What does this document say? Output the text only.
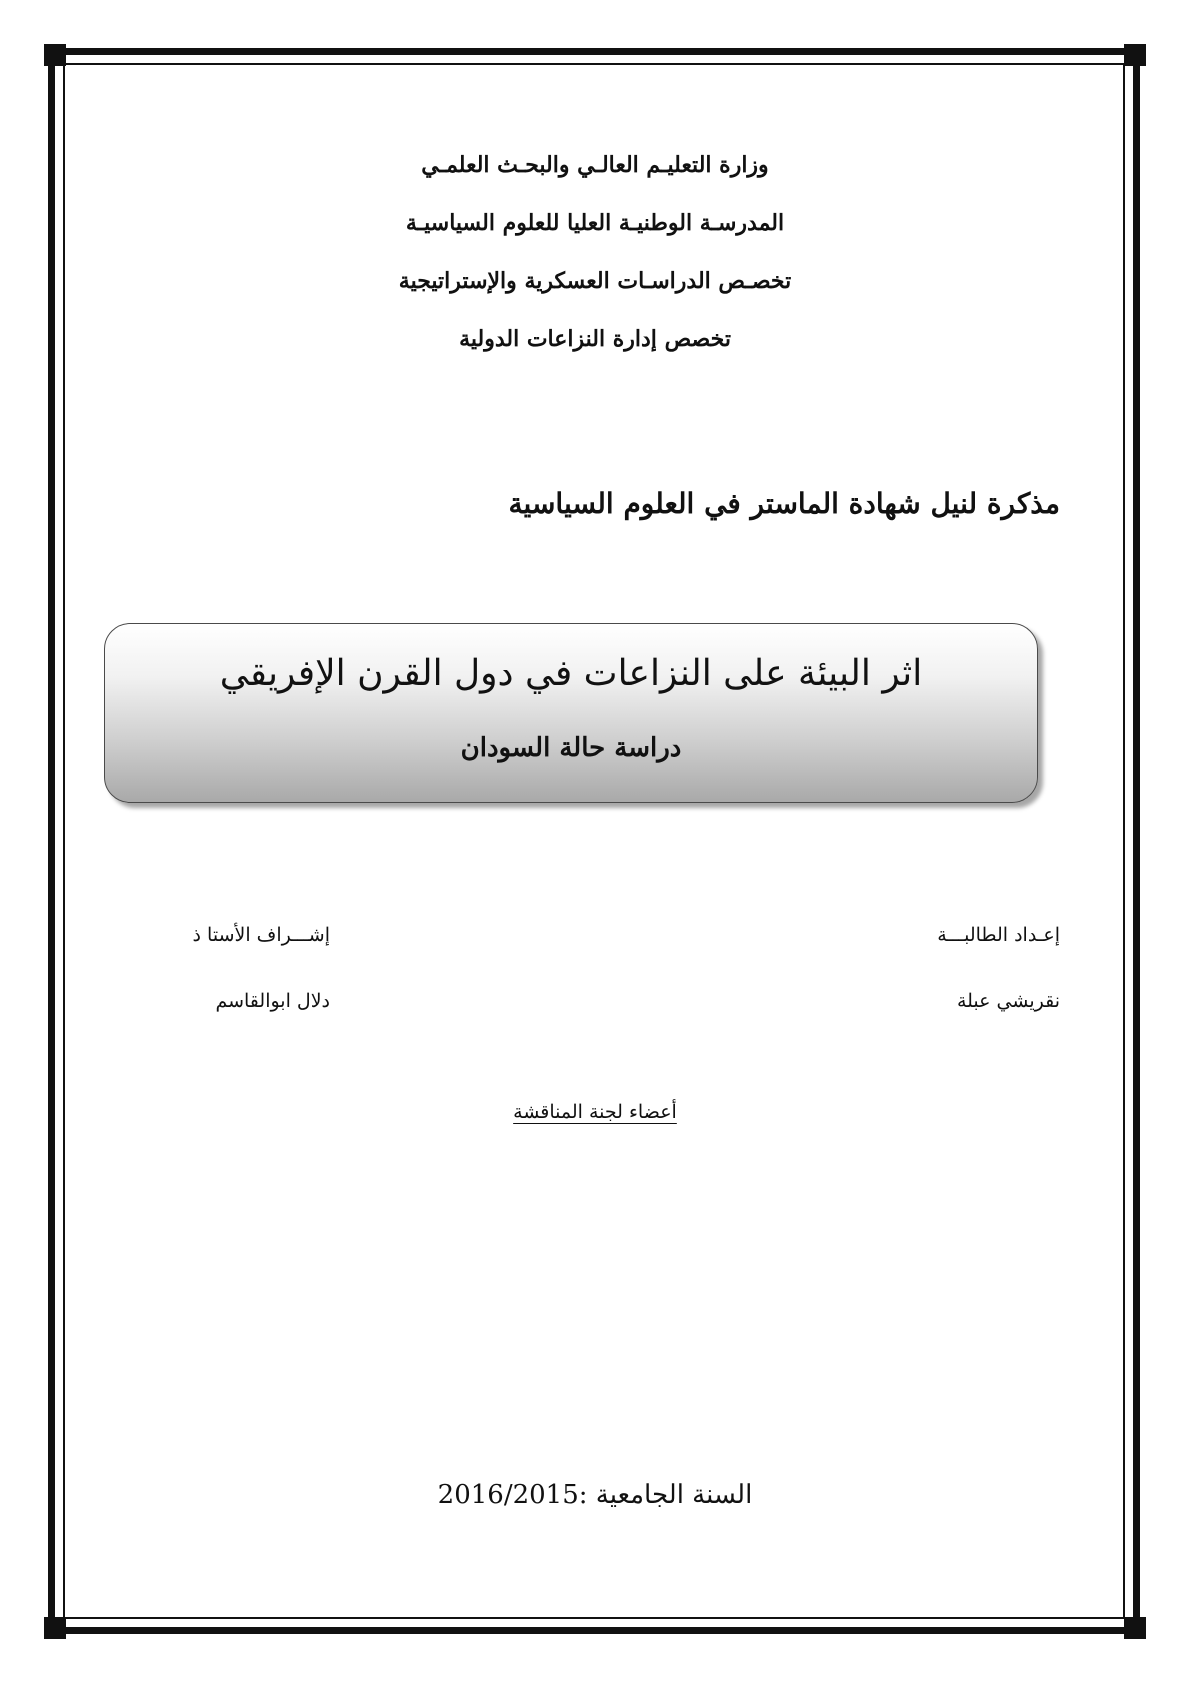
وزارة التعليـم العالـي والبحـث العلمـي
المدرسـة الوطنيـة العليا للعلوم السياسيـة
تخصـص الدراسـات العسكرية والإستراتيجية
تخصص إدارة النزاعات الدولية
مذكرة لنيل شهادة الماستر في العلوم السياسية
اثر البيئة على النزاعات في دول القرن الإفريقي
دراسة حالة السودان
إعـداد الطالبـــة
نقريشي عبلة
إشـــراف الأستا ذ
دلال ابوالقاسم
أعضاء لجنة المناقشة
السنة الجامعية :2016/2015
